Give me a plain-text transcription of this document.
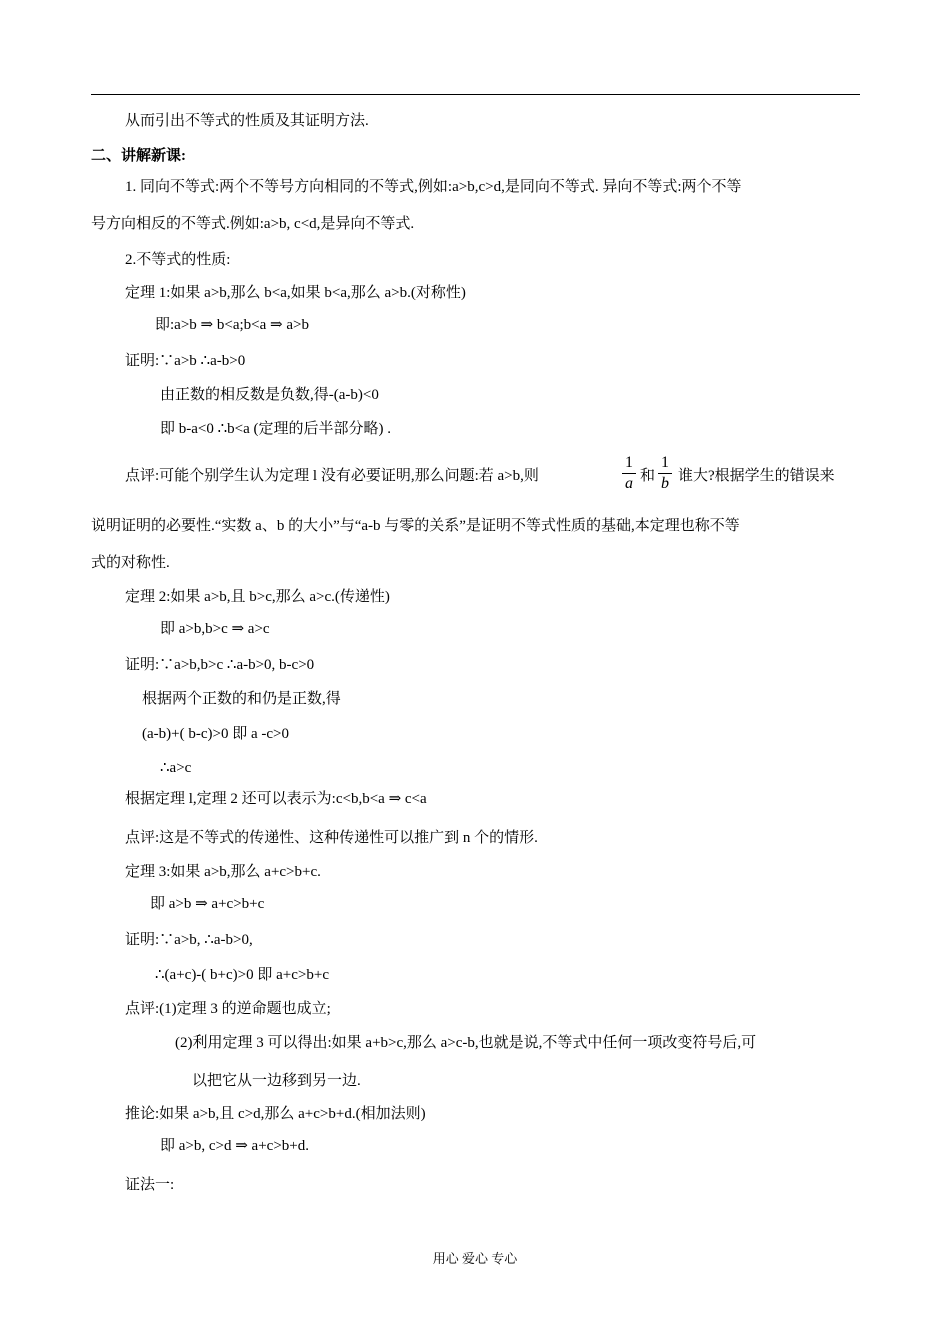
从而引出不等式的性质及其证明方法.
二、讲解新课:
1. 同向不等式:两个不等号方向相同的不等式,例如:a>b,c>d,是同向不等式. 异向不等式:两个不等
号方向相反的不等式.例如:a>b, c<d,是异向不等式.
2.不等式的性质:
定理 1:如果 a>b,那么 b<a,如果 b<a,那么 a>b.(对称性)
即:a>b ⇒ b<a;b<a ⇒ a>b
证明:∵a>b ∴a-b>0
由正数的相反数是负数,得-(a-b)<0
即 b-a<0 ∴b<a (定理的后半部分略) .
点评:可能个别学生认为定理 l 没有必要证明,那么问题:若 a>b,则
1
a 和
1
b 谁大?根据学生的错误来
说明证明的必要性.“实数 a、b 的大小”与“a-b 与零的关系”是证明不等式性质的基础,本定理也称不等
式的对称性.
定理 2:如果 a>b,且 b>c,那么 a>c.(传递性)
即 a>b,b>c ⇒ a>c
证明:∵a>b,b>c ∴a-b>0, b-c>0
根据两个正数的和仍是正数,得
(a-b)+( b-c)>0 即 a -c>0
∴a>c
根据定理 l,定理 2 还可以表示为:c<b,b<a ⇒ c<a
点评:这是不等式的传递性、这种传递性可以推广到 n 个的情形.
定理 3:如果 a>b,那么 a+c>b+c.
即 a>b ⇒ a+c>b+c
证明:∵a>b, ∴a-b>0,
∴(a+c)-( b+c)>0 即 a+c>b+c
点评:(1)定理 3 的逆命题也成立;
(2)利用定理 3 可以得出:如果 a+b>c,那么 a>c-b,也就是说,不等式中任何一项改变符号后,可
以把它从一边移到另一边.
推论:如果 a>b,且 c>d,那么 a+c>b+d.(相加法则)
即 a>b, c>d ⇒ a+c>b+d.
证法一:
用心 爱心 专心
